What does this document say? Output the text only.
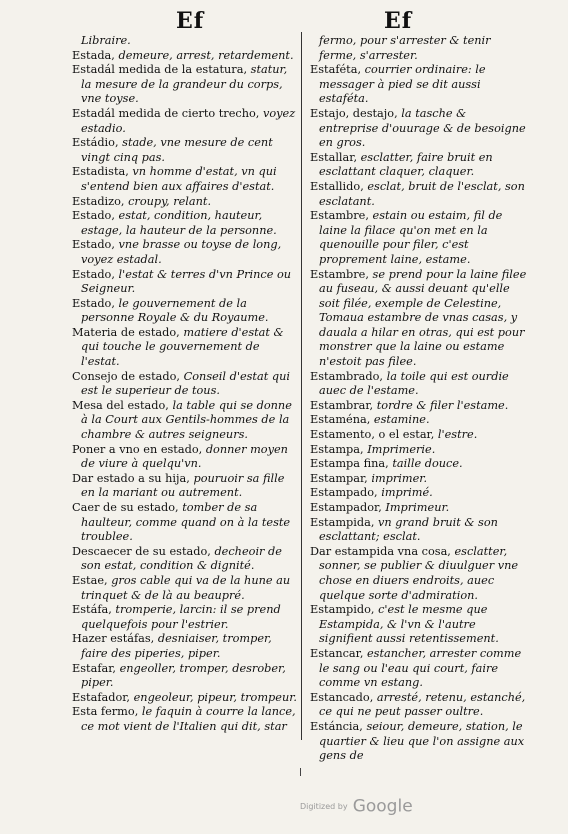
Ef	Ef
Libraire.
Estada, demeure, arrest, retardement.
Estadál medida de la estatura, statur, la mesure de la grandeur du corps, vne toyse.
Estadál medida de cierto trecho, voyez estadio.
Estádio, stade, vne mesure de cent vingt cinq pas.
Estadista, vn homme d'estat, vn qui s'entend bien aux affaires d'estat.
Estadizo, croupy, relant.
Estado, estat, condition, hauteur, estage, la hauteur de la personne.
Estado, vne brasse ou toyse de long, voyez estadal.
Estado, l'estat & terres d'vn Prince ou Seigneur.
Estado, le gouvernement de la personne Royale & du Royaume.
Materia de estado, matiere d'estat & qui touche le gouvernement de l'estat.
Consejo de estado, Conseil d'estat qui est le superieur de tous.
Mesa del estado, la table qui se donne à la Court aux Gentils-hommes de la chambre & autres seigneurs.
Poner a vno en estado, donner moyen de viure à quelqu'vn.
Dar estado a su hija, pouruoir sa fille en la mariant ou autrement.
Caer de su estado, tomber de sa haulteur, comme quand on à la teste troublee.
Descaecer de su estado, decheoir de son estat, condition & dignité.
Estae, gros cable qui va de la hune au trinquet & de là au beaupré.
Estáfa, tromperie, larcin: il se prend quelquefois pour l'estrier.
Hazer estáfas, desniaiser, tromper, faire des piperies, piper.
Estafar, engeoller, tromper, desrober, piper.
Estafador, engeoleur, pipeur, trompeur.
Esta fermo, le faquin à courre la lance, ce mot vient de l'Italien qui dit, star
fermo, pour s'arrester & tenir ferme, s'arrester.
Estaféta, courrier ordinaire: le messager à pied se dit aussi estaféta.
Estajo, destajo, la tasche & entreprise d'ouurage & de besoigne en gros.
Estallar, esclatter, faire bruit en esclattant claquer, claquer.
Estallido, esclat, bruit de l'esclat, son esclatant.
Estambre, estain ou estaim, fil de laine la filace qu'on met en la quenouille pour filer, c'est proprement laine, estame.
Estambre, se prend pour la laine filee au fuseau, & aussi deuant qu'elle soit filée, exemple de Celestine, Tomaua estambre de vnas casas, y dauala a hilar en otras, qui est pour monstrer que la laine ou estame n'estoit pas filee.
Estambrado, la toile qui est ourdie auec de l'estame.
Estambrar, tordre & filer l'estame.
Estaména, estamine.
Estamento, o el estar, l'estre.
Estampa, Imprimerie.
Estampa fina, taille douce.
Estampar, imprimer.
Estampado, imprimé.
Estampador, Imprimeur.
Estampida, vn grand bruit & son esclattant; esclat.
Dar estampida vna cosa, esclatter, sonner, se publier & diuulguer vne chose en diuers endroits, auec quelque sorte d'admiration.
Estampido, c'est le mesme que Estampida, & l'vn & l'autre signifient aussi retentissement.
Estancar, estancher, arrester comme le sang ou l'eau qui court, faire comme vn estang.
Estancado, arresté, retenu, estanché, ce qui ne peut passer oultre.
Estáncia, seiour, demeure, station, le quartier & lieu que l'on assigne aux gens de
Digitized by Google
